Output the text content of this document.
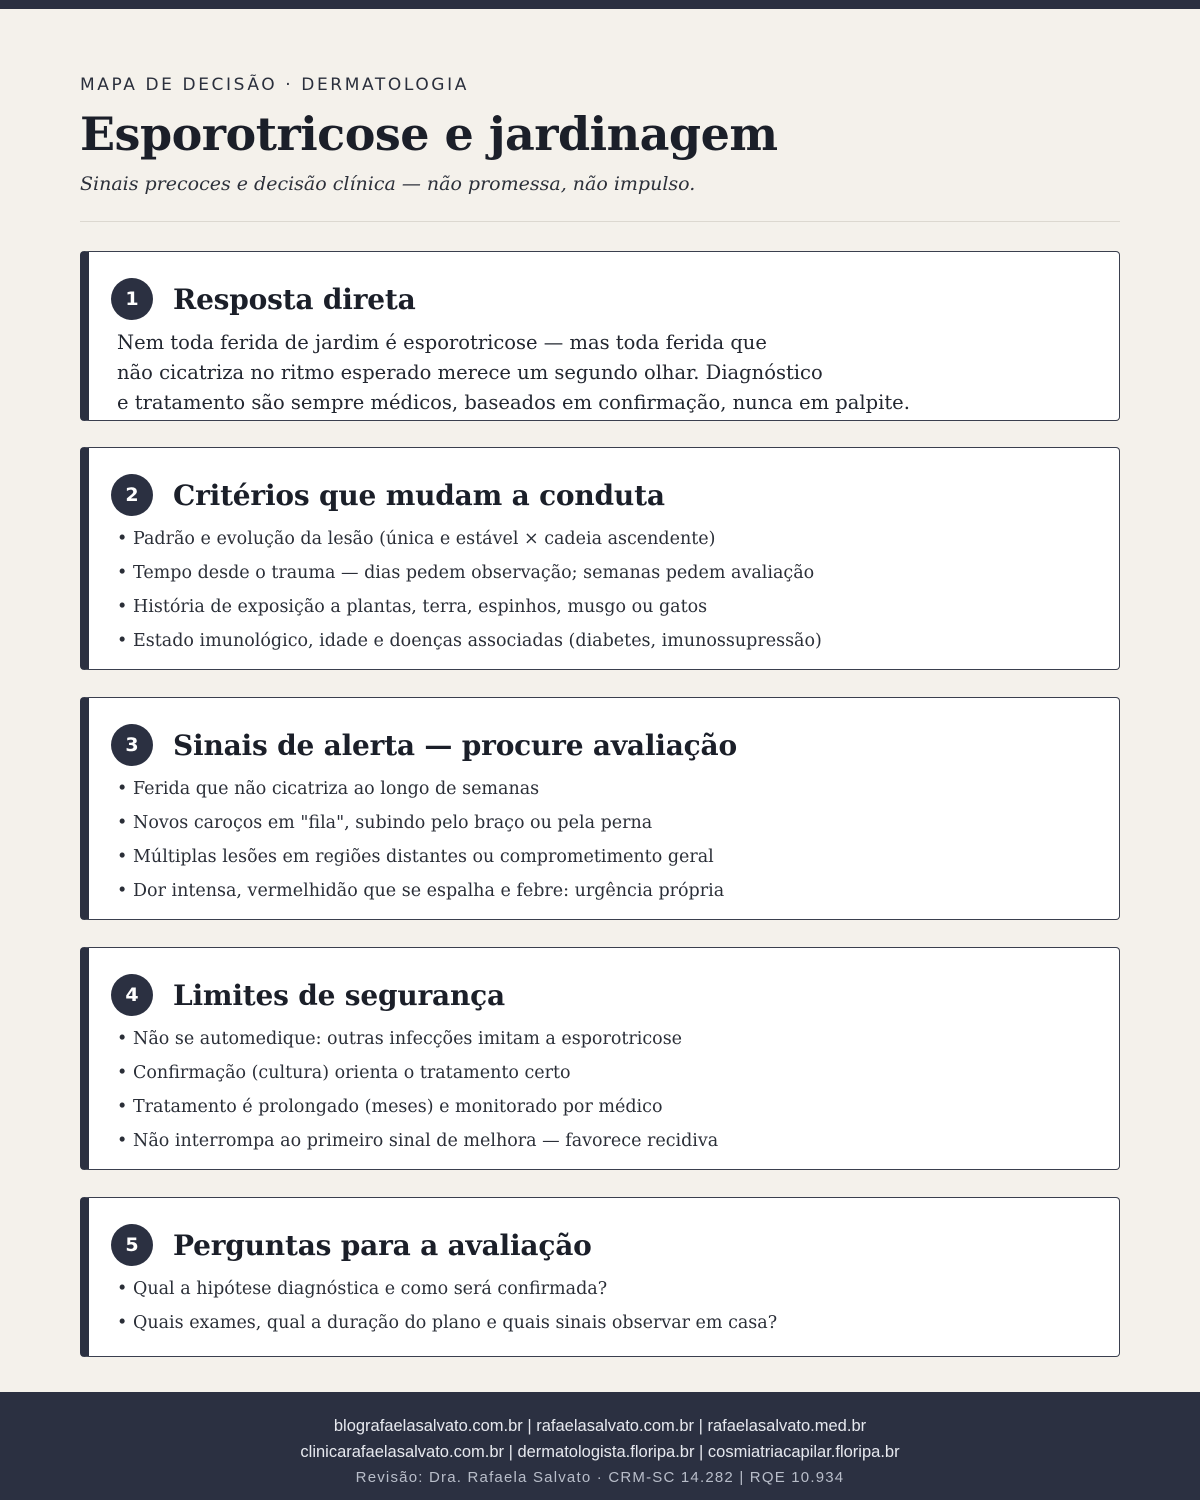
MAPA DE DECISÃO · DERMATOLOGIA

Esporotricose e jardinagem

Sinais precoces e decisão clínica — não promessa, não impulso.

1	Resposta direta

Nem toda ferida de jardim é esporotricose — mas toda ferida que
não cicatriza no ritmo esperado merece um segundo olhar. Diagnóstico
e tratamento são sempre médicos, baseados em confirmação, nunca em palpite.

2	Critérios que mudam a conduta
• Padrão e evolução da lesão (única e estável × cadeia ascendente)
• Tempo desde o trauma — dias pedem observação; semanas pedem avaliação
• História de exposição a plantas, terra, espinhos, musgo ou gatos
• Estado imunológico, idade e doenças associadas (diabetes, imunossupressão)
3	Sinais de alerta — procure avaliação
• Ferida que não cicatriza ao longo de semanas
• Novos caroços em "fila", subindo pelo braço ou pela perna
• Múltiplas lesões em regiões distantes ou comprometimento geral
• Dor intensa, vermelhidão que se espalha e febre: urgência própria
4	Limites de segurança
• Não se automedique: outras infecções imitam a esporotricose
• Confirmação (cultura) orienta o tratamento certo
• Tratamento é prolongado (meses) e monitorado por médico
• Não interrompa ao primeiro sinal de melhora — favorece recidiva
5	Perguntas para a avaliação
• Qual a hipótese diagnóstica e como será confirmada?
• Quais exames, qual a duração do plano e quais sinais observar em casa?
blografaelasalvato.com.br | rafaelasalvato.com.br | rafaelasalvato.med.br
clinicarafaelasalvato.com.br | dermatologista.floripa.br | cosmiatriacapilar.floripa.br
Revisão: Dra. Rafaela Salvato · CRM-SC 14.282 | RQE 10.934
